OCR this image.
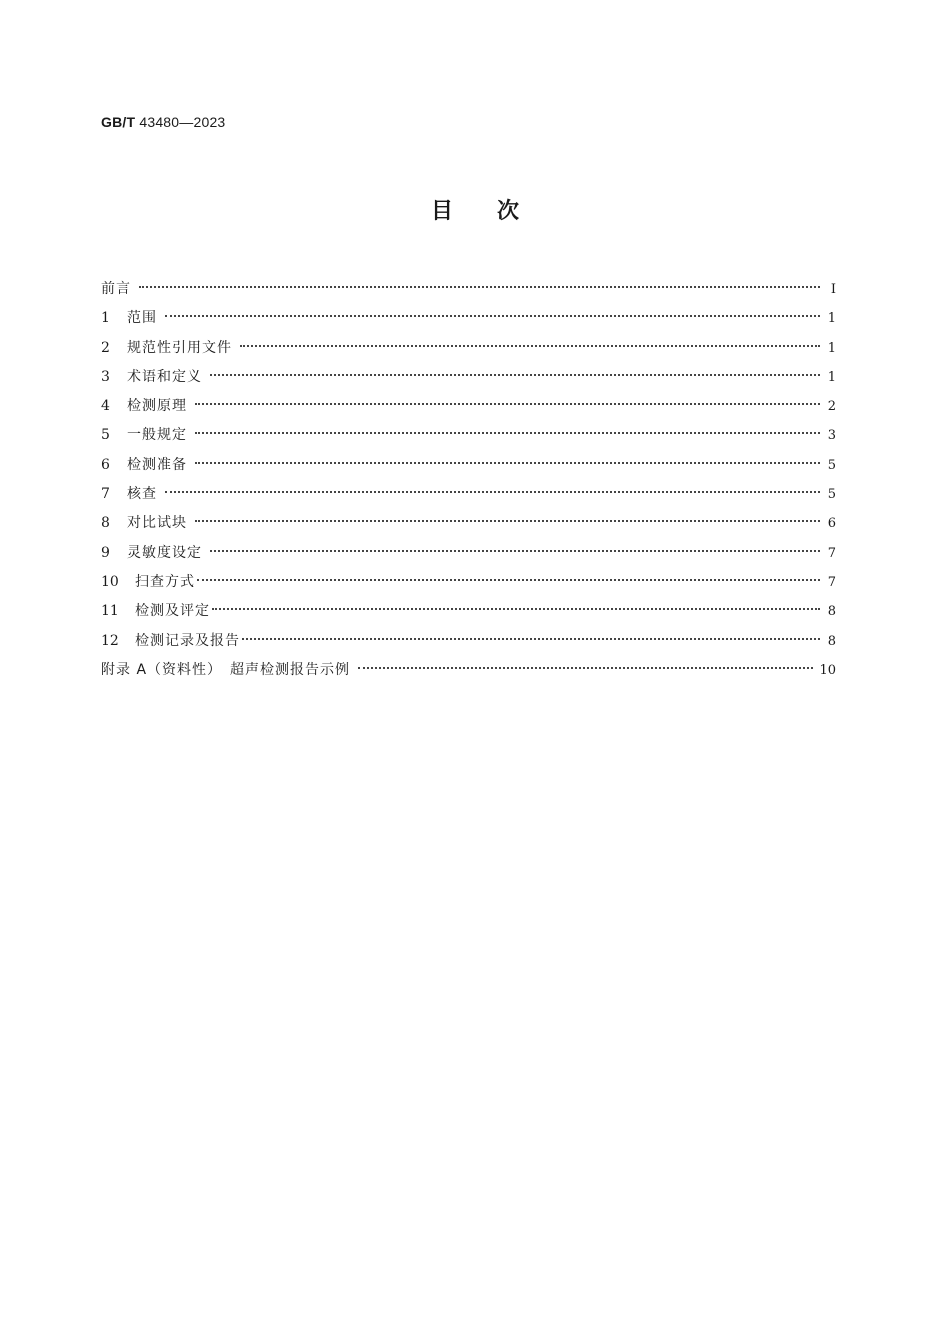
GB/T 43480—2023
目 次
前言	Ⅰ
1	范围	1
2	规范性引用文件	1
3	术语和定义	1
4	检测原理	2
5	一般规定	3
6	检测准备	5
7	核查	5
8	对比试块	6
9	灵敏度设定	7
10	扫查方式	7
11	检测及评定	8
12	检测记录及报告	8
附录 A（资料性）　超声检测报告示例	10
